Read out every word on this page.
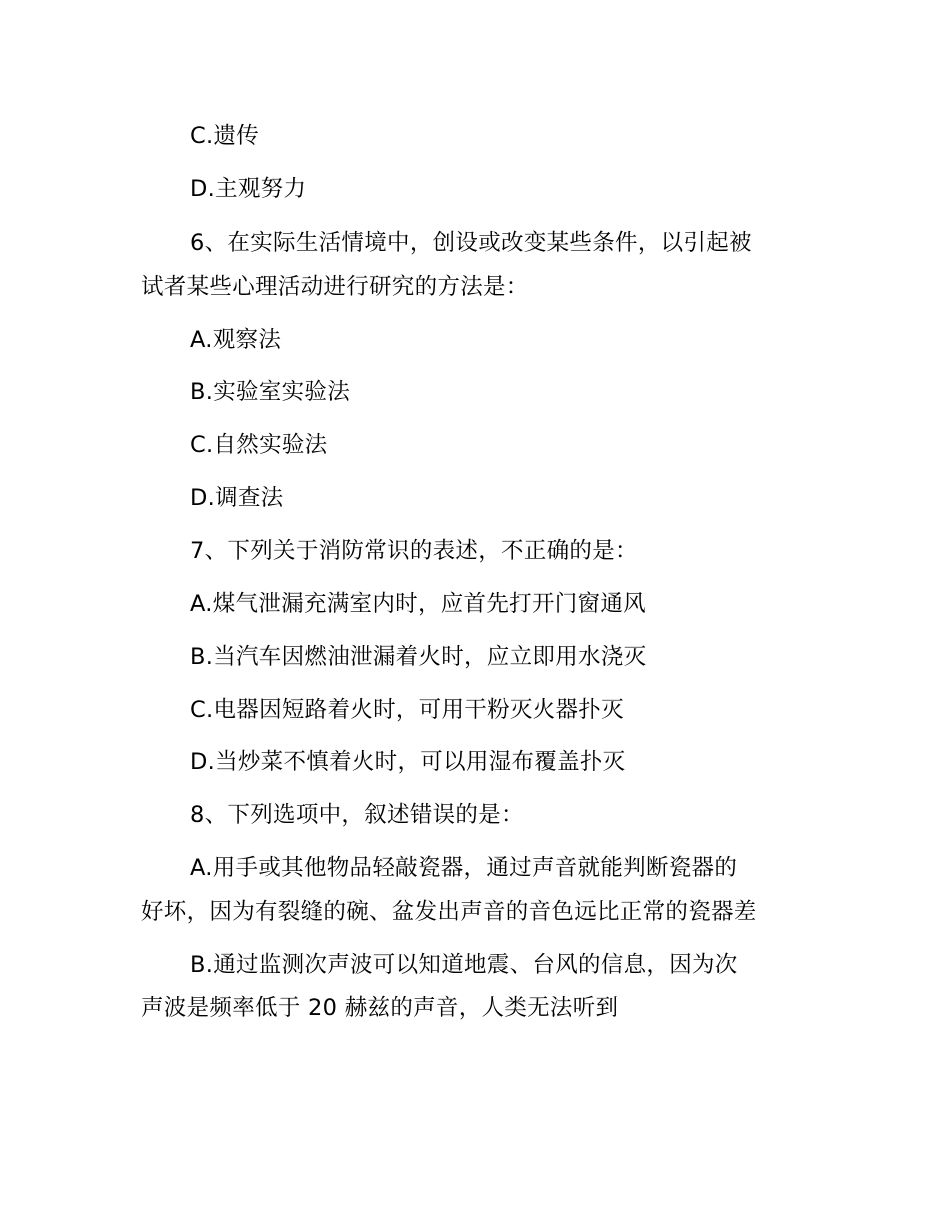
C.遗传
D.主观努力
6、在实际生活情境中，创设或改变某些条件，以引起被
试者某些心理活动进行研究的方法是：
A.观察法
B.实验室实验法
C.自然实验法
D.调查法
7、下列关于消防常识的表述，不正确的是：
A.煤气泄漏充满室内时，应首先打开门窗通风
B.当汽车因燃油泄漏着火时，应立即用水浇灭
C.电器因短路着火时，可用干粉灭火器扑灭
D.当炒菜不慎着火时，可以用湿布覆盖扑灭
8、下列选项中，叙述错误的是：
A.用手或其他物品轻敲瓷器，通过声音就能判断瓷器的
好坏，因为有裂缝的碗、盆发出声音的音色远比正常的瓷器差
B.通过监测次声波可以知道地震、台风的信息，因为次
声波是频率低于 20 赫兹的声音，人类无法听到
